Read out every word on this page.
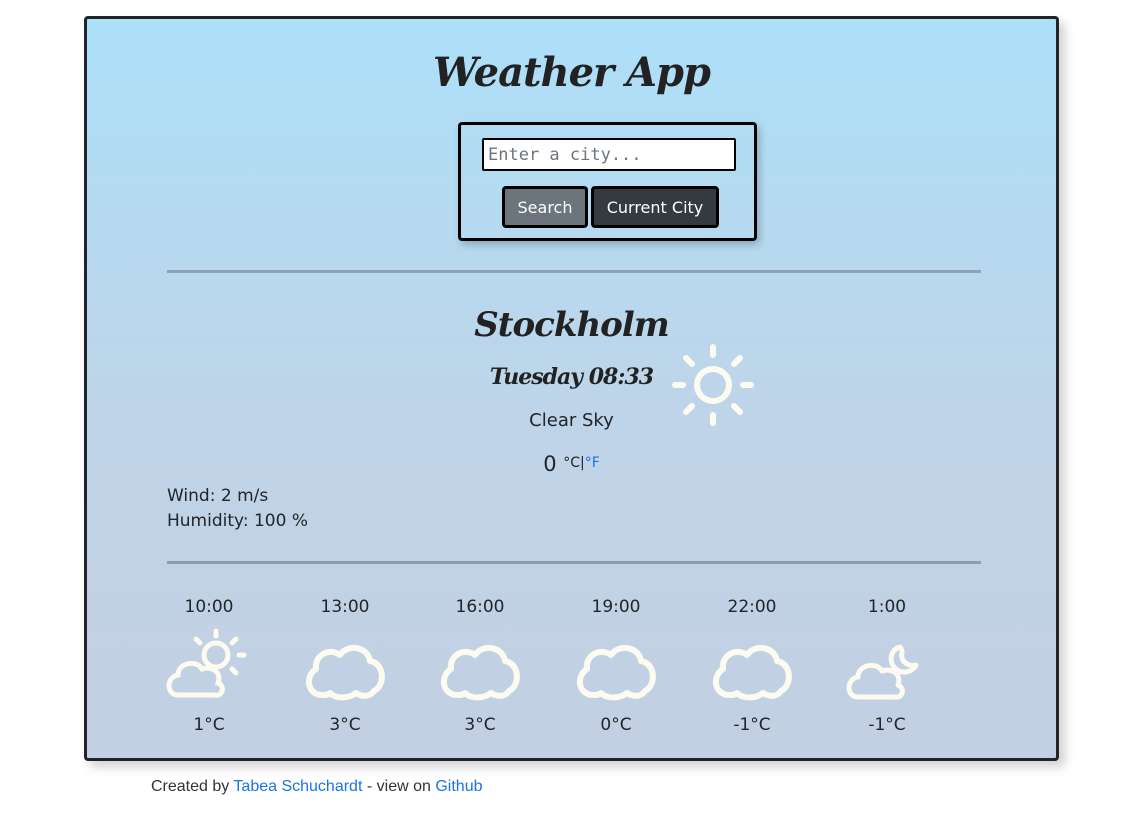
Weather App
Enter a city...
Search	Current City
Stockholm
Tuesday 08:33
Clear Sky
0 °C|°F
Wind: 2 m/s
Humidity: 100 %
10:00
1°C
13:00
3°C
16:00
3°C
19:00
0°C
22:00
-1°C
1:00
-1°C
Created by Tabea Schuchardt - view on Github
